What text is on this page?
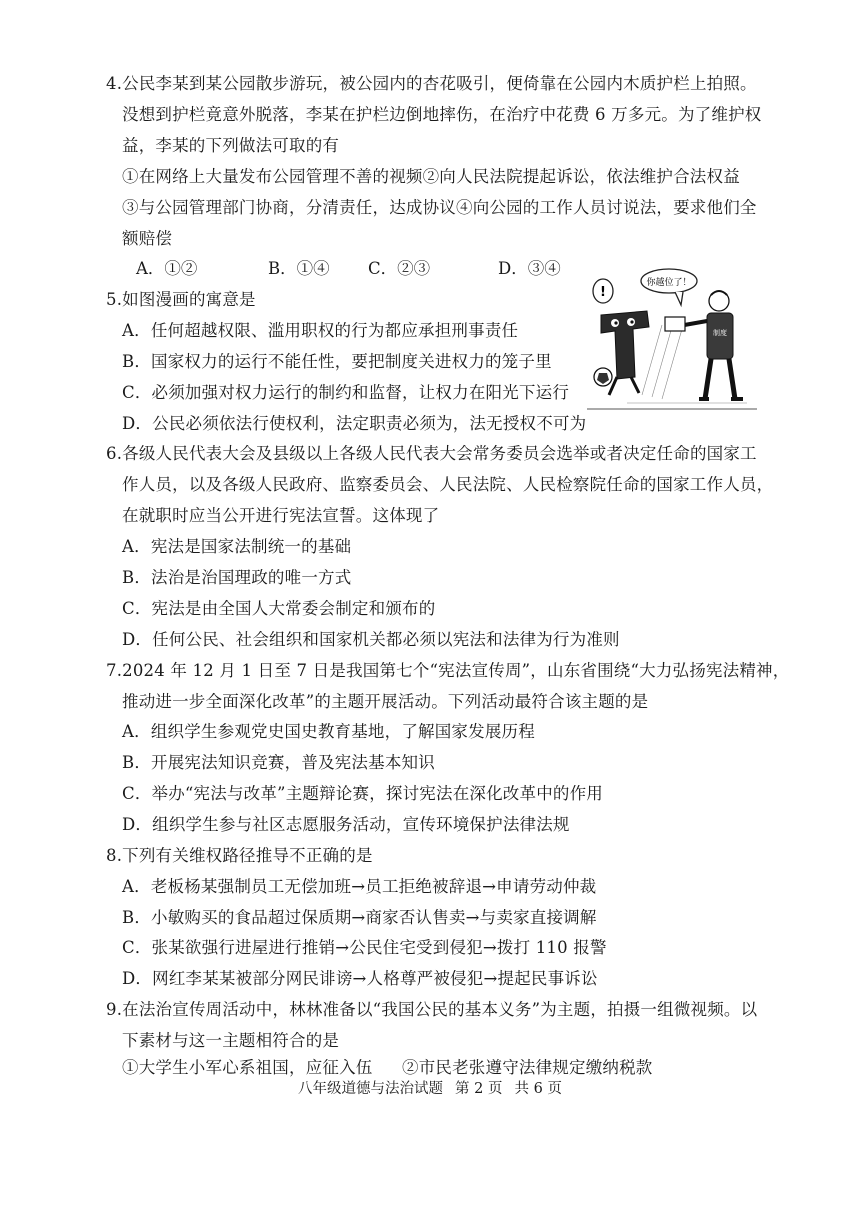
4.公民李某到某公园散步游玩，被公园内的杏花吸引，便倚靠在公园内木质护栏上拍照。
没想到护栏竟意外脱落，李某在护栏边倒地摔伤，在治疗中花费 6 万多元。为了维护权
益，李某的下列做法可取的有
①在网络上大量发布公园管理不善的视频②向人民法院提起诉讼，依法维护合法权益
③与公园管理部门协商，分清责任，达成协议④向公园的工作人员讨说法，要求他们全
额赔偿
A．①②	B．①④ C．②③	D．③④
5.如图漫画的寓意是
A．任何超越权限、滥用职权的行为都应承担刑事责任
B．国家权力的运行不能任性，要把制度关进权力的笼子里
C．必须加强对权力运行的制约和监督，让权力在阳光下运行
D．公民必须依法行使权利，法定职责必须为，法无授权不可为
你越位了！
!
制度
6.各级人民代表大会及县级以上各级人民代表大会常务委员会选举或者决定任命的国家工
作人员，以及各级人民政府、监察委员会、人民法院、人民检察院任命的国家工作人员，
在就职时应当公开进行宪法宣誓。这体现了
A．宪法是国家法制统一的基础
B．法治是治国理政的唯一方式
C．宪法是由全国人大常委会制定和颁布的
D．任何公民、社会组织和国家机关都必须以宪法和法律为行为准则
7.2024 年 12 月 1 日至 7 日是我国第七个“宪法宣传周”，山东省围绕“大力弘扬宪法精神，
推动进一步全面深化改革”的主题开展活动。下列活动最符合该主题的是
A．组织学生参观党史国史教育基地，了解国家发展历程
B．开展宪法知识竞赛，普及宪法基本知识
C．举办“宪法与改革”主题辩论赛，探讨宪法在深化改革中的作用
D．组织学生参与社区志愿服务活动，宣传环境保护法律法规
8.下列有关维权路径推导不正确的是
A．老板杨某强制员工无偿加班→员工拒绝被辞退→申请劳动仲裁
B．小敏购买的食品超过保质期→商家否认售卖→与卖家直接调解
C．张某欲强行进屋进行推销→公民住宅受到侵犯→拨打 110 报警
D．网红李某某被部分网民诽谤→人格尊严被侵犯→提起民事诉讼
9.在法治宣传周活动中，林林准备以“我国公民的基本义务”为主题，拍摄一组微视频。以
下素材与这一主题相符合的是
①大学生小军心系祖国，应征入伍 ②市民老张遵守法律规定缴纳税款
八年级道德与法治试题 第 2 页 共 6 页
